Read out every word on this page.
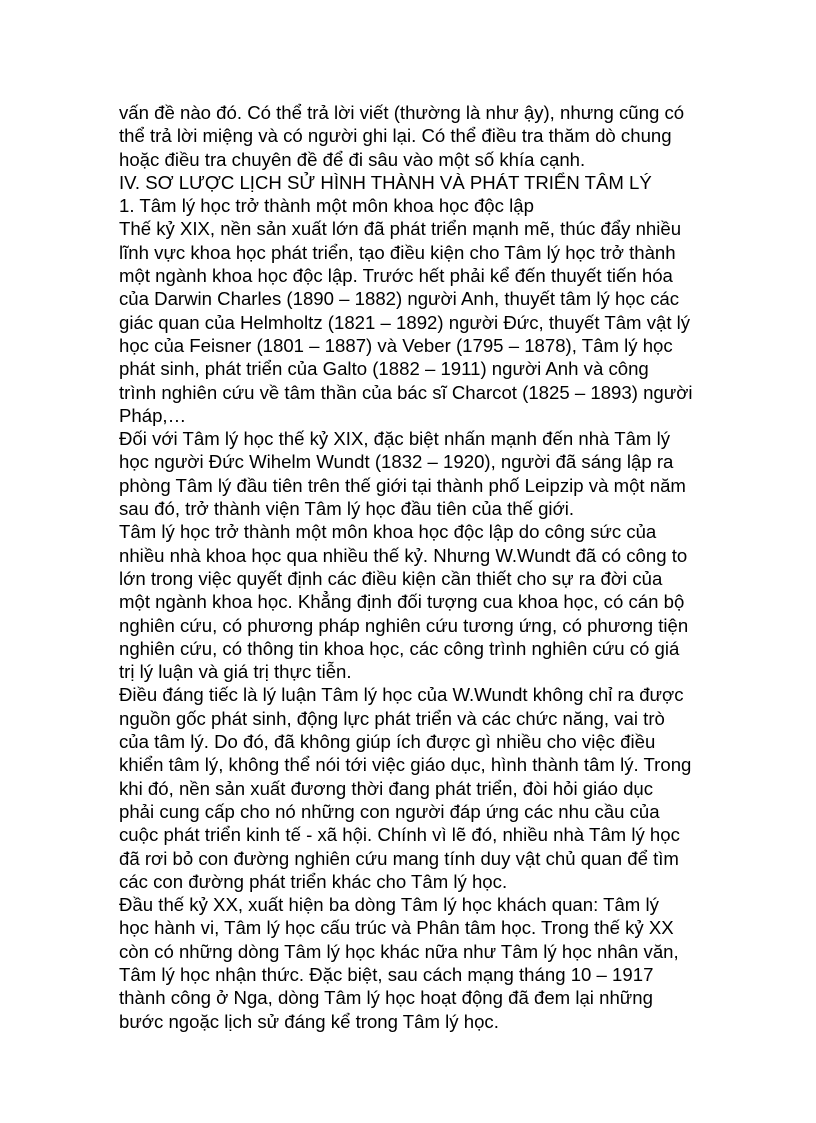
vấn đề nào đó. Có thể trả lời viết (thường là như ậy), nhưng cũng có
thể trả lời miệng và có người ghi lại. Có thể điều tra thăm dò chung
hoặc điều tra chuyên đề để đi sâu vào một số khía cạnh.
IV. SƠ LƯỢC LỊCH SỬ HÌNH THÀNH VÀ PHÁT TRIỂN TÂM LÝ
1. Tâm lý học trở thành một môn khoa học độc lập
Thế kỷ XIX, nền sản xuất lớn đã phát triển mạnh mẽ, thúc đẩy nhiều
lĩnh vực khoa học phát triển, tạo điều kiện cho Tâm lý học trở thành
một ngành khoa học độc lập. Trước hết phải kể đến thuyết tiến hóa
của Darwin Charles (1890 – 1882) người Anh, thuyết tâm lý học các
giác quan của Helmholtz (1821 – 1892) người Đức, thuyết Tâm vật lý
học của Feisner (1801 – 1887) và Veber (1795 – 1878), Tâm lý học
phát sinh, phát triển của Galto (1882 – 1911) người Anh và công
trình nghiên cứu về tâm thần của bác sĩ Charcot (1825 – 1893) người
Pháp,…
Đối với Tâm lý học thế kỷ XIX, đặc biệt nhấn mạnh đến nhà Tâm lý
học người Đức Wihelm Wundt (1832 – 1920), người đã sáng lập ra
phòng Tâm lý đầu tiên trên thế giới tại thành phố Leipzip và một năm
sau đó, trở thành viện Tâm lý học đầu tiên của thế giới.
Tâm lý học trở thành một môn khoa học độc lập do công sức của
nhiều nhà khoa học qua nhiều thế kỷ. Nhưng W.Wundt đã có công to
lớn trong việc quyết định các điều kiện cần thiết cho sự ra đời của
một ngành khoa học. Khẳng định đối tượng cua khoa học, có cán bộ
nghiên cứu, có phương pháp nghiên cứu tương ứng, có phương tiện
nghiên cứu, có thông tin khoa học, các công trình nghiên cứu có giá
trị lý luận và giá trị thực tiễn.
Điều đáng tiếc là lý luận Tâm lý học của W.Wundt không chỉ ra được
nguồn gốc phát sinh, động lực phát triển và các chức năng, vai trò
của tâm lý. Do đó, đã không giúp ích được gì nhiều cho việc điều
khiển tâm lý, không thể nói tới việc giáo dục, hình thành tâm lý. Trong
khi đó, nền sản xuất đương thời đang phát triển, đòi hỏi giáo dục
phải cung cấp cho nó những con người đáp ứng các nhu cầu của
cuộc phát triển kinh tế - xã hội. Chính vì lẽ đó, nhiều nhà Tâm lý học
đã rơi bỏ con đường nghiên cứu mang tính duy vật chủ quan để tìm
các con đường phát triển khác cho Tâm lý học.
Đầu thế kỷ XX, xuất hiện ba dòng Tâm lý học khách quan: Tâm lý
học hành vi, Tâm lý học cấu trúc và Phân tâm học. Trong thế kỷ XX
còn có những dòng Tâm lý học khác nữa như Tâm lý học nhân văn,
Tâm lý học nhận thức. Đặc biệt, sau cách mạng tháng 10 – 1917
thành công ở Nga, dòng Tâm lý học hoạt động đã đem lại những
bước ngoặc lịch sử đáng kể trong Tâm lý học.
